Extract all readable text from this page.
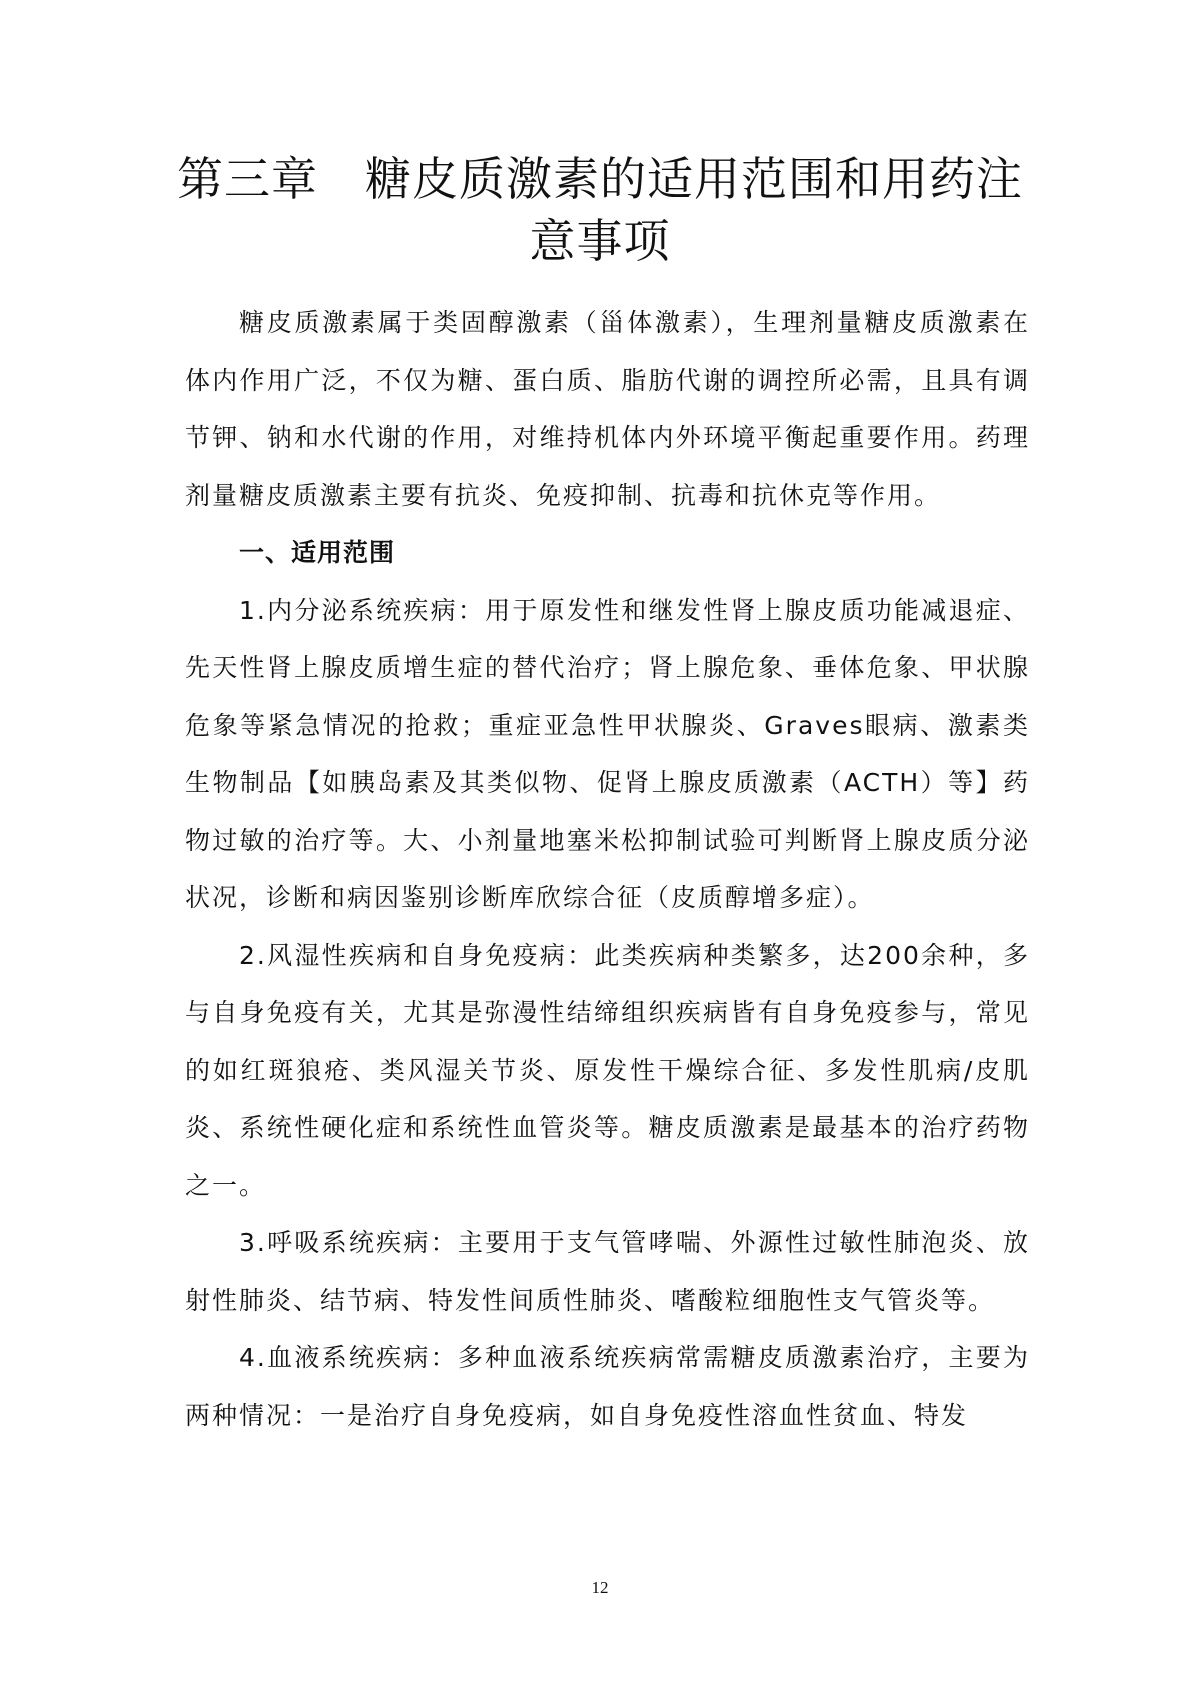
第三章　糖皮质激素的适用范围和用药注
意事项

糖皮质激素属于类固醇激素（甾体激素），生理剂量糖皮质激素在体内作用广泛，不仅为糖、蛋白质、脂肪代谢的调控所必需，且具有调节钾、钠和水代谢的作用，对维持机体内外环境平衡起重要作用。药理剂量糖皮质激素主要有抗炎、免疫抑制、抗毒和抗休克等作用。

一、适用范围

1.内分泌系统疾病：用于原发性和继发性肾上腺皮质功能减退症、先天性肾上腺皮质增生症的替代治疗；肾上腺危象、垂体危象、甲状腺危象等紧急情况的抢救；重症亚急性甲状腺炎、Graves眼病、激素类生物制品【如胰岛素及其类似物、促肾上腺皮质激素（ACTH）等】药物过敏的治疗等。大、小剂量地塞米松抑制试验可判断肾上腺皮质分泌状况，诊断和病因鉴别诊断库欣综合征（皮质醇增多症）。

2.风湿性疾病和自身免疫病：此类疾病种类繁多，达200余种，多与自身免疫有关，尤其是弥漫性结缔组织疾病皆有自身免疫参与，常见的如红斑狼疮、类风湿关节炎、原发性干燥综合征、多发性肌病/皮肌炎、系统性硬化症和系统性血管炎等。糖皮质激素是最基本的治疗药物之一。

3.呼吸系统疾病：主要用于支气管哮喘、外源性过敏性肺泡炎、放射性肺炎、结节病、特发性间质性肺炎、嗜酸粒细胞性支气管炎等。

4.血液系统疾病：多种血液系统疾病常需糖皮质激素治疗，主要为两种情况：一是治疗自身免疫病，如自身免疫性溶血性贫血、特发

12
